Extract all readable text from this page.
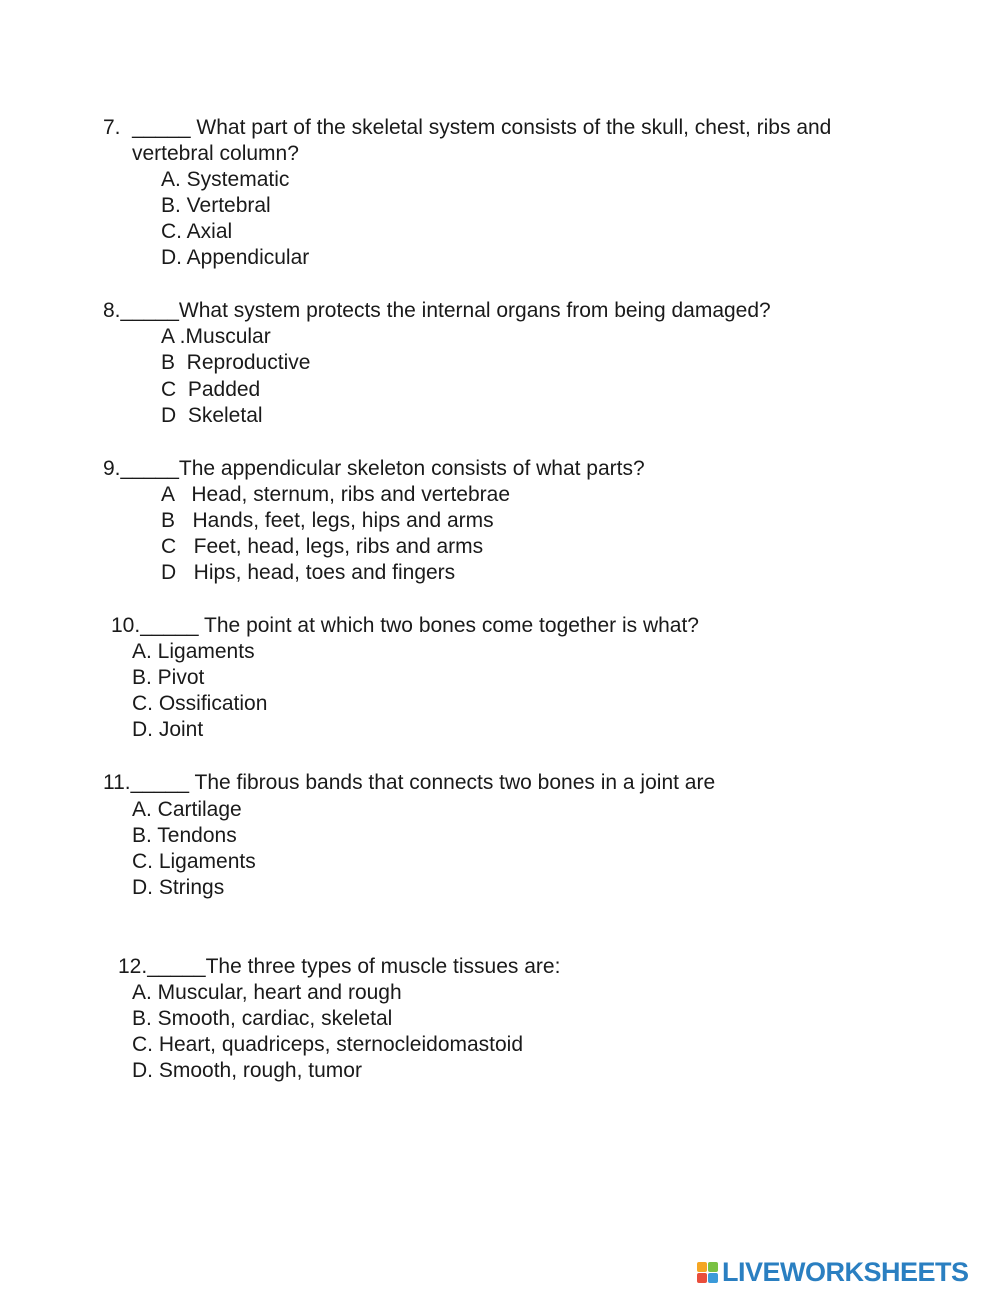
7.  _____ What part of the skeletal system consists of the skull, chest, ribs and
vertebral column?
A. Systematic
B. Vertebral
C. Axial
D. Appendicular
8._____What system protects the internal organs from being damaged?
A .Muscular
B  Reproductive
C  Padded
D  Skeletal
9._____The appendicular skeleton consists of what parts?
A   Head, sternum, ribs and vertebrae
B   Hands, feet, legs, hips and arms
C   Feet, head, legs, ribs and arms
D   Hips, head, toes and fingers
10._____ The point at which two bones come together is what?
A. Ligaments
B. Pivot
C. Ossification
D. Joint
11._____ The fibrous bands that connects two bones in a joint are
A. Cartilage
B. Tendons
C. Ligaments
D. Strings
12._____The three types of muscle tissues are:
A. Muscular, heart and rough
B. Smooth, cardiac, skeletal
C. Heart, quadriceps, sternocleidomastoid
D. Smooth, rough, tumor
LIVEWORKSHEETS
